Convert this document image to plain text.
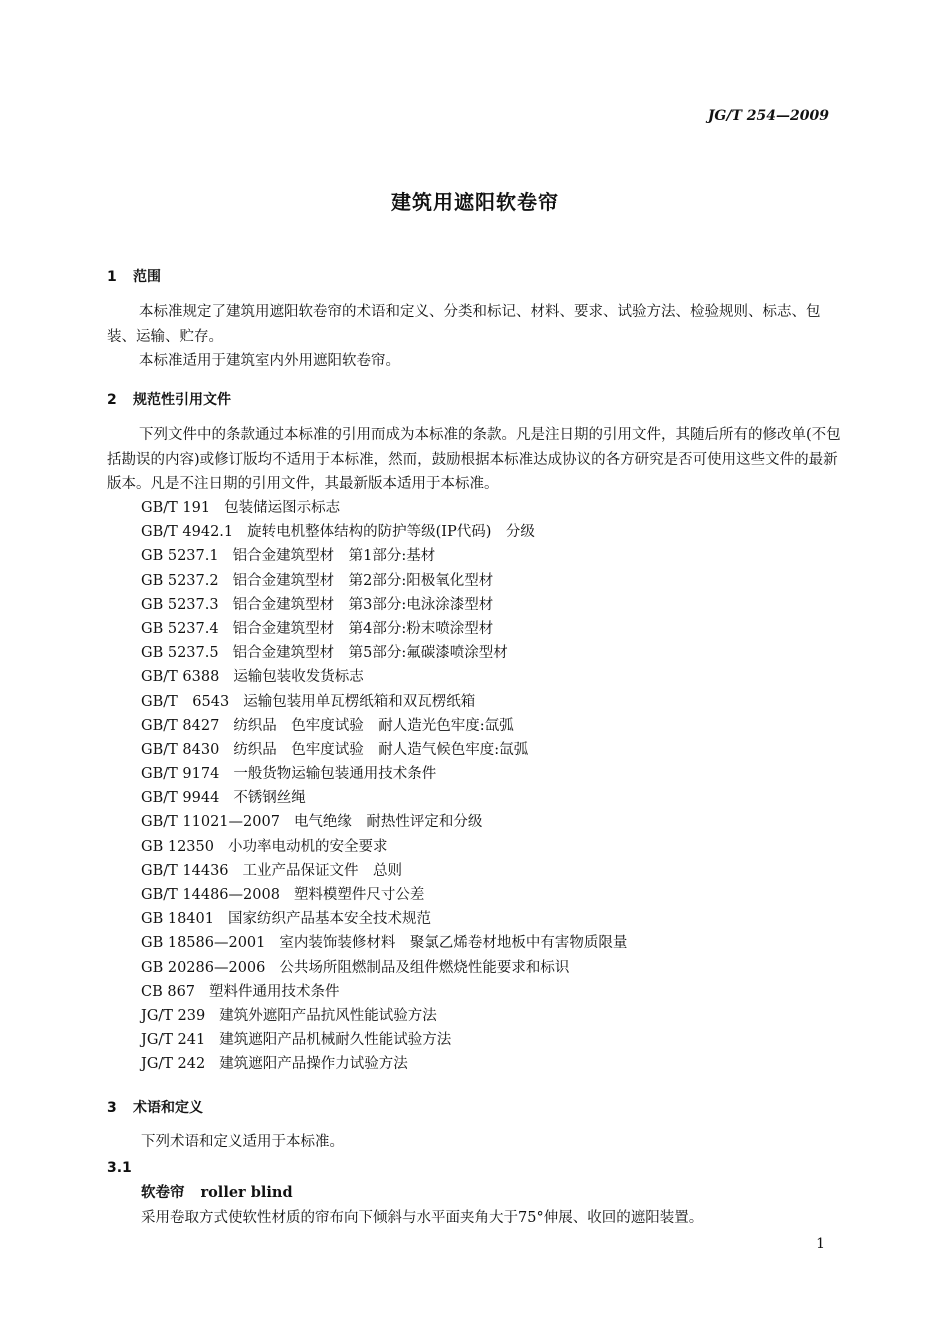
JG/T 254—2009
建筑用遮阳软卷帘
1 范围

本标准规定了建筑用遮阳软卷帘的术语和定义、分类和标记、材料、要求、试验方法、检验规则、标志、包装、运输、贮存。

本标准适用于建筑室内外用遮阳软卷帘。

2 规范性引用文件

下列文件中的条款通过本标准的引用而成为本标准的条款。凡是注日期的引用文件，其随后所有的修改单(不包括勘误的内容)或修订版均不适用于本标准，然而，鼓励根据本标准达成协议的各方研究是否可使用这些文件的最新版本。凡是不注日期的引用文件，其最新版本适用于本标准。

GB/T 191 包装储运图示标志
GB/T 4942.1 旋转电机整体结构的防护等级(IP代码)　分级
GB 5237.1 铝合金建筑型材　第1部分:基材
GB 5237.2 铝合金建筑型材　第2部分:阳极氧化型材
GB 5237.3 铝合金建筑型材　第3部分:电泳涂漆型材
GB 5237.4 铝合金建筑型材　第4部分:粉末喷涂型材
GB 5237.5 铝合金建筑型材　第5部分:氟碳漆喷涂型材
GB/T 6388 运输包装收发货标志
GB/T　6543 运输包装用单瓦楞纸箱和双瓦楞纸箱
GB/T 8427 纺织品　色牢度试验　耐人造光色牢度:氙弧
GB/T 8430 纺织品　色牢度试验　耐人造气候色牢度:氙弧
GB/T 9174 一般货物运输包装通用技术条件
GB/T 9944 不锈钢丝绳
GB/T 11021—2007 电气绝缘　耐热性评定和分级
GB 12350 小功率电动机的安全要求
GB/T 14436 工业产品保证文件　总则
GB/T 14486—2008 塑料模塑件尺寸公差
GB 18401 国家纺织产品基本安全技术规范
GB 18586—2001 室内装饰装修材料　聚氯乙烯卷材地板中有害物质限量
GB 20286—2006 公共场所阻燃制品及组件燃烧性能要求和标识
CB 867 塑料件通用技术条件
JG/T 239 建筑外遮阳产品抗风性能试验方法
JG/T 241 建筑遮阳产品机械耐久性能试验方法
JG/T 242 建筑遮阳产品操作力试验方法
3 术语和定义

下列术语和定义适用于本标准。

3.1
软卷帘 roller blind
采用卷取方式使软性材质的帘布向下倾斜与水平面夹角大于75°伸展、收回的遮阳装置。
1
